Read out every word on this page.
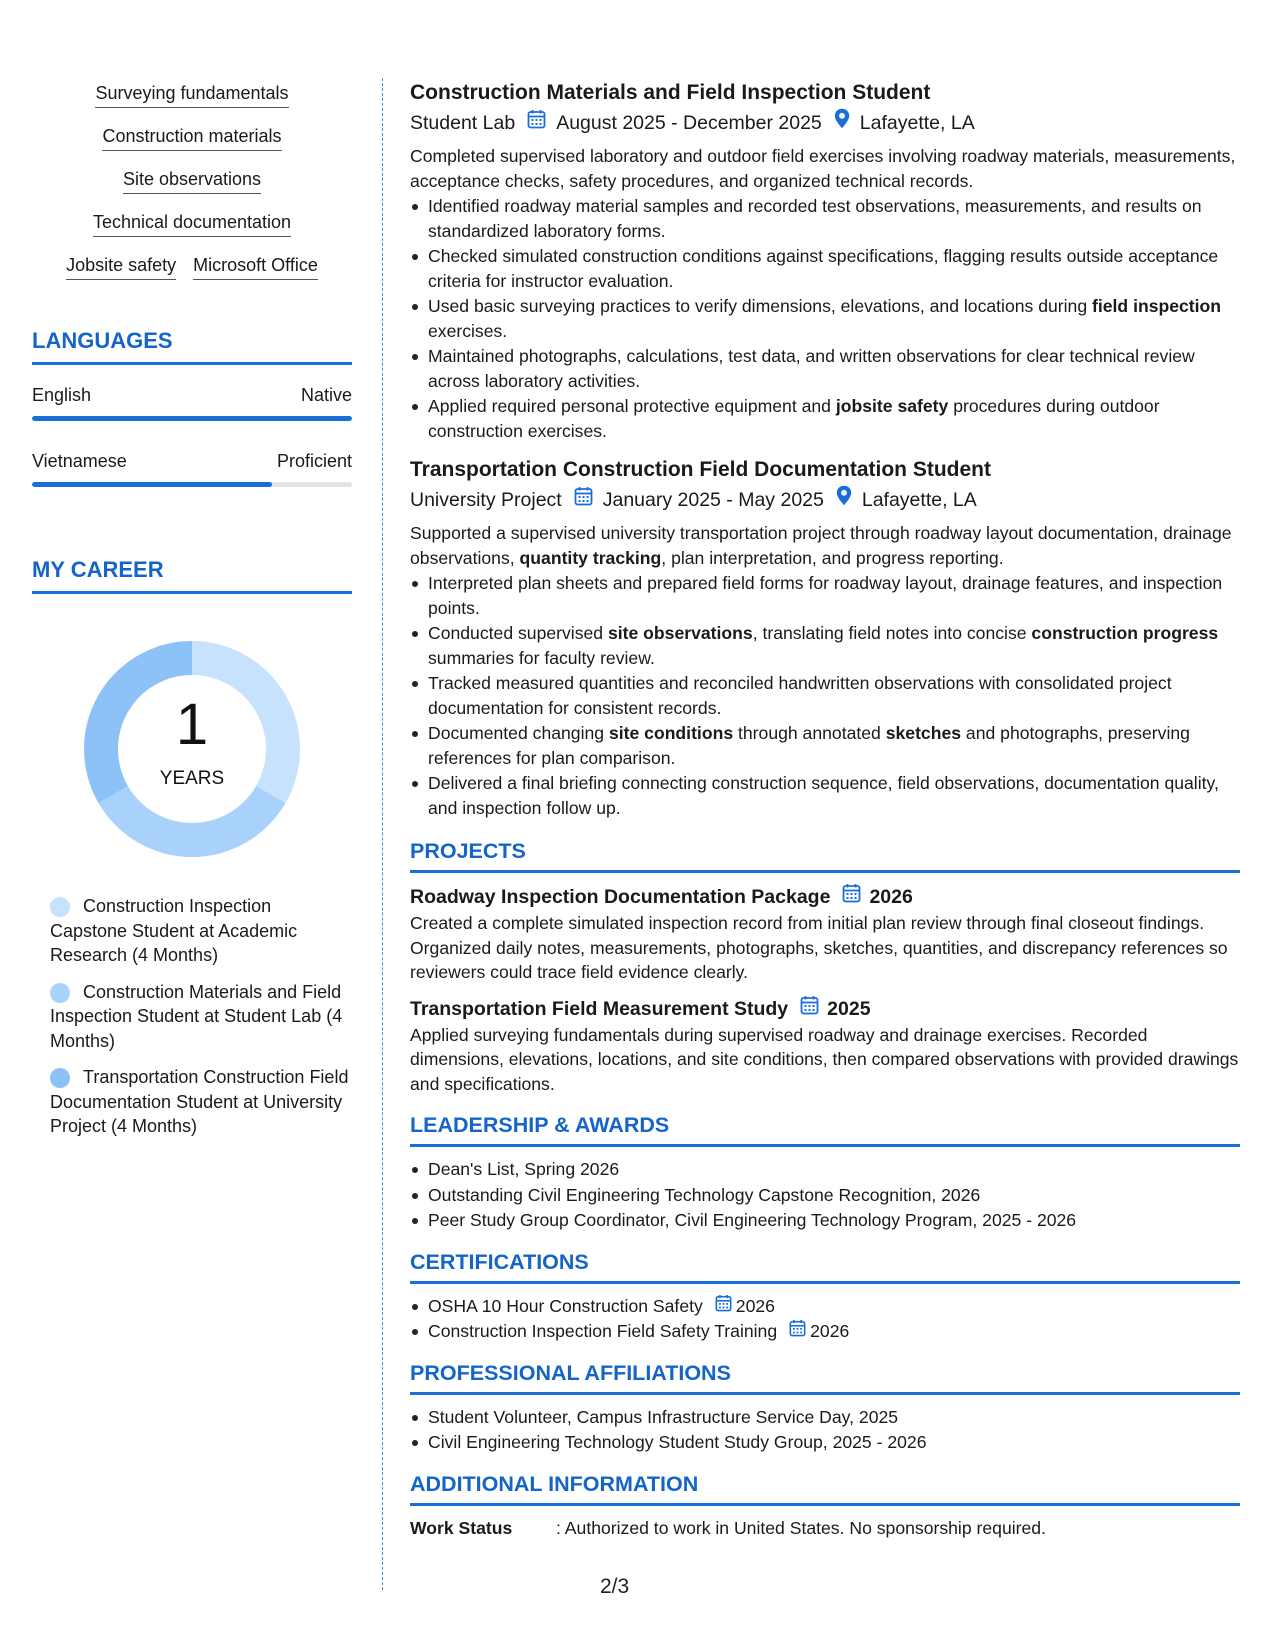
Surveying fundamentals
Construction materials
Site observations
Technical documentation
Jobsite safety Microsoft Office
LANGUAGES
English	Native
Vietnamese	Proficient
MY CAREER
1
YEARS
Construction Inspection Capstone Student at Academic Research (4 Months)
Construction Materials and Field Inspection Student at Student Lab (4 Months)
Transportation Construction Field Documentation Student at University Project (4 Months)
Construction Materials and Field Inspection Student
Student Lab August 2025 - December 2025 Lafayette, LA
Completed supervised laboratory and outdoor field exercises involving roadway materials, measurements, acceptance checks, safety procedures, and organized technical records.
Identified roadway material samples and recorded test observations, measurements, and results on standardized laboratory forms.
Checked simulated construction conditions against specifications, flagging results outside acceptance criteria for instructor evaluation.
Used basic surveying practices to verify dimensions, elevations, and locations during field inspection exercises.
Maintained photographs, calculations, test data, and written observations for clear technical review across laboratory activities.
Applied required personal protective equipment and jobsite safety procedures during outdoor construction exercises.
Transportation Construction Field Documentation Student
University Project January 2025 - May 2025 Lafayette, LA
Supported a supervised university transportation project through roadway layout documentation, drainage observations, quantity tracking, plan interpretation, and progress reporting.
Interpreted plan sheets and prepared field forms for roadway layout, drainage features, and inspection points.
Conducted supervised site observations, translating field notes into concise construction progress summaries for faculty review.
Tracked measured quantities and reconciled handwritten observations with consolidated project documentation for consistent records.
Documented changing site conditions through annotated sketches and photographs, preserving references for plan comparison.
Delivered a final briefing connecting construction sequence, field observations, documentation quality, and inspection follow up.
PROJECTS
Roadway Inspection Documentation Package 2026
Created a complete simulated inspection record from initial plan review through final closeout findings. Organized daily notes, measurements, photographs, sketches, quantities, and discrepancy references so reviewers could trace field evidence clearly.
Transportation Field Measurement Study 2025
Applied surveying fundamentals during supervised roadway and drainage exercises. Recorded dimensions, elevations, locations, and site conditions, then compared observations with provided drawings and specifications.
LEADERSHIP & AWARDS
Dean's List, Spring 2026
Outstanding Civil Engineering Technology Capstone Recognition, 2026
Peer Study Group Coordinator, Civil Engineering Technology Program, 2025 - 2026
CERTIFICATIONS
OSHA 10 Hour Construction Safety 2026
Construction Inspection Field Safety Training 2026
PROFESSIONAL AFFILIATIONS
Student Volunteer, Campus Infrastructure Service Day, 2025
Civil Engineering Technology Student Study Group, 2025 - 2026
ADDITIONAL INFORMATION
Work Status	: Authorized to work in United States. No sponsorship required.
2/3
